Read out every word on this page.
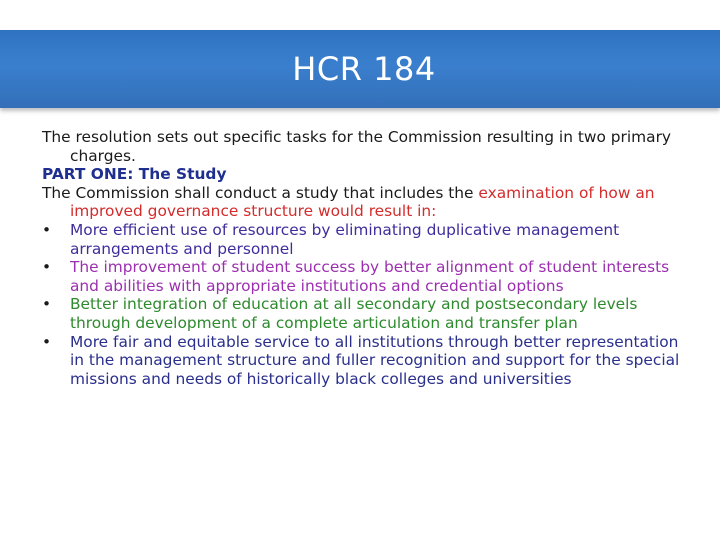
HCR 184

The resolution sets out specific tasks for the Commission resulting in two primary charges.

PART ONE: The Study

The Commission shall conduct a study that includes the examination of how an improved governance structure would result in:

•	More efficient use of resources by eliminating duplicative management arrangements and personnel
•	The improvement of student success by better alignment of student interests and abilities with appropriate institutions and credential options
•	Better integration of education at all secondary and postsecondary levels through development of a complete articulation and transfer plan
•	More fair and equitable service to all institutions through better representation in the management structure and fuller recognition and support for the special missions and needs of historically black colleges and universities
